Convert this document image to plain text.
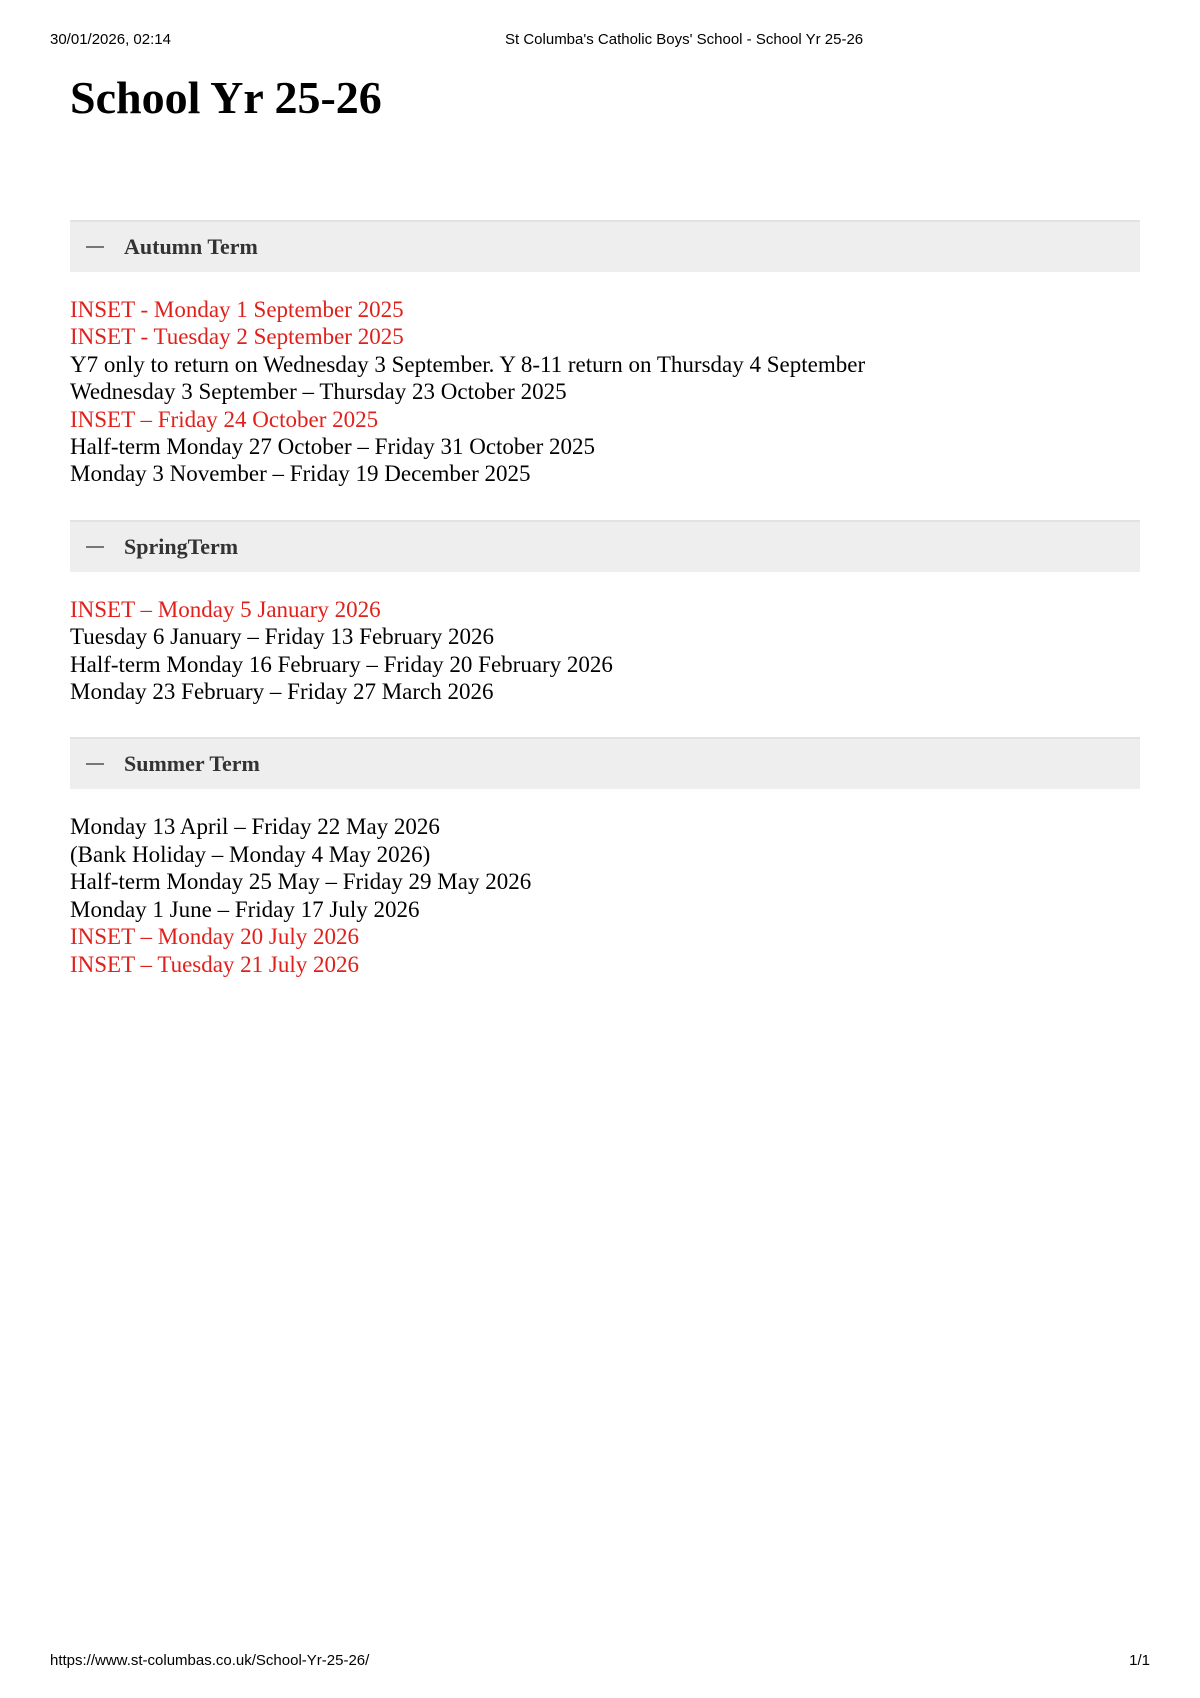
30/01/2026, 02:14	St Columba's Catholic Boys' School - School Yr 25-26
School Yr 25-26
Autumn Term
INSET - Monday 1 September 2025
INSET - Tuesday 2 September 2025
Y7 only to return on Wednesday 3 September. Y 8-11 return on Thursday 4 September
Wednesday 3 September – Thursday 23 October 2025
INSET – Friday 24 October 2025
Half-term Monday 27 October – Friday 31 October 2025
Monday 3 November – Friday 19 December 2025
SpringTerm
INSET – Monday 5 January 2026
Tuesday 6 January – Friday 13 February 2026
Half-term Monday 16 February – Friday 20 February 2026
Monday 23 February – Friday 27 March 2026
Summer Term
Monday 13 April – Friday 22 May 2026
(Bank Holiday – Monday 4 May 2026)
Half-term Monday 25 May – Friday 29 May 2026
Monday 1 June – Friday 17 July 2026
INSET – Monday 20 July 2026
INSET – Tuesday 21 July 2026
https://www.st-columbas.co.uk/School-Yr-25-26/	1/1
